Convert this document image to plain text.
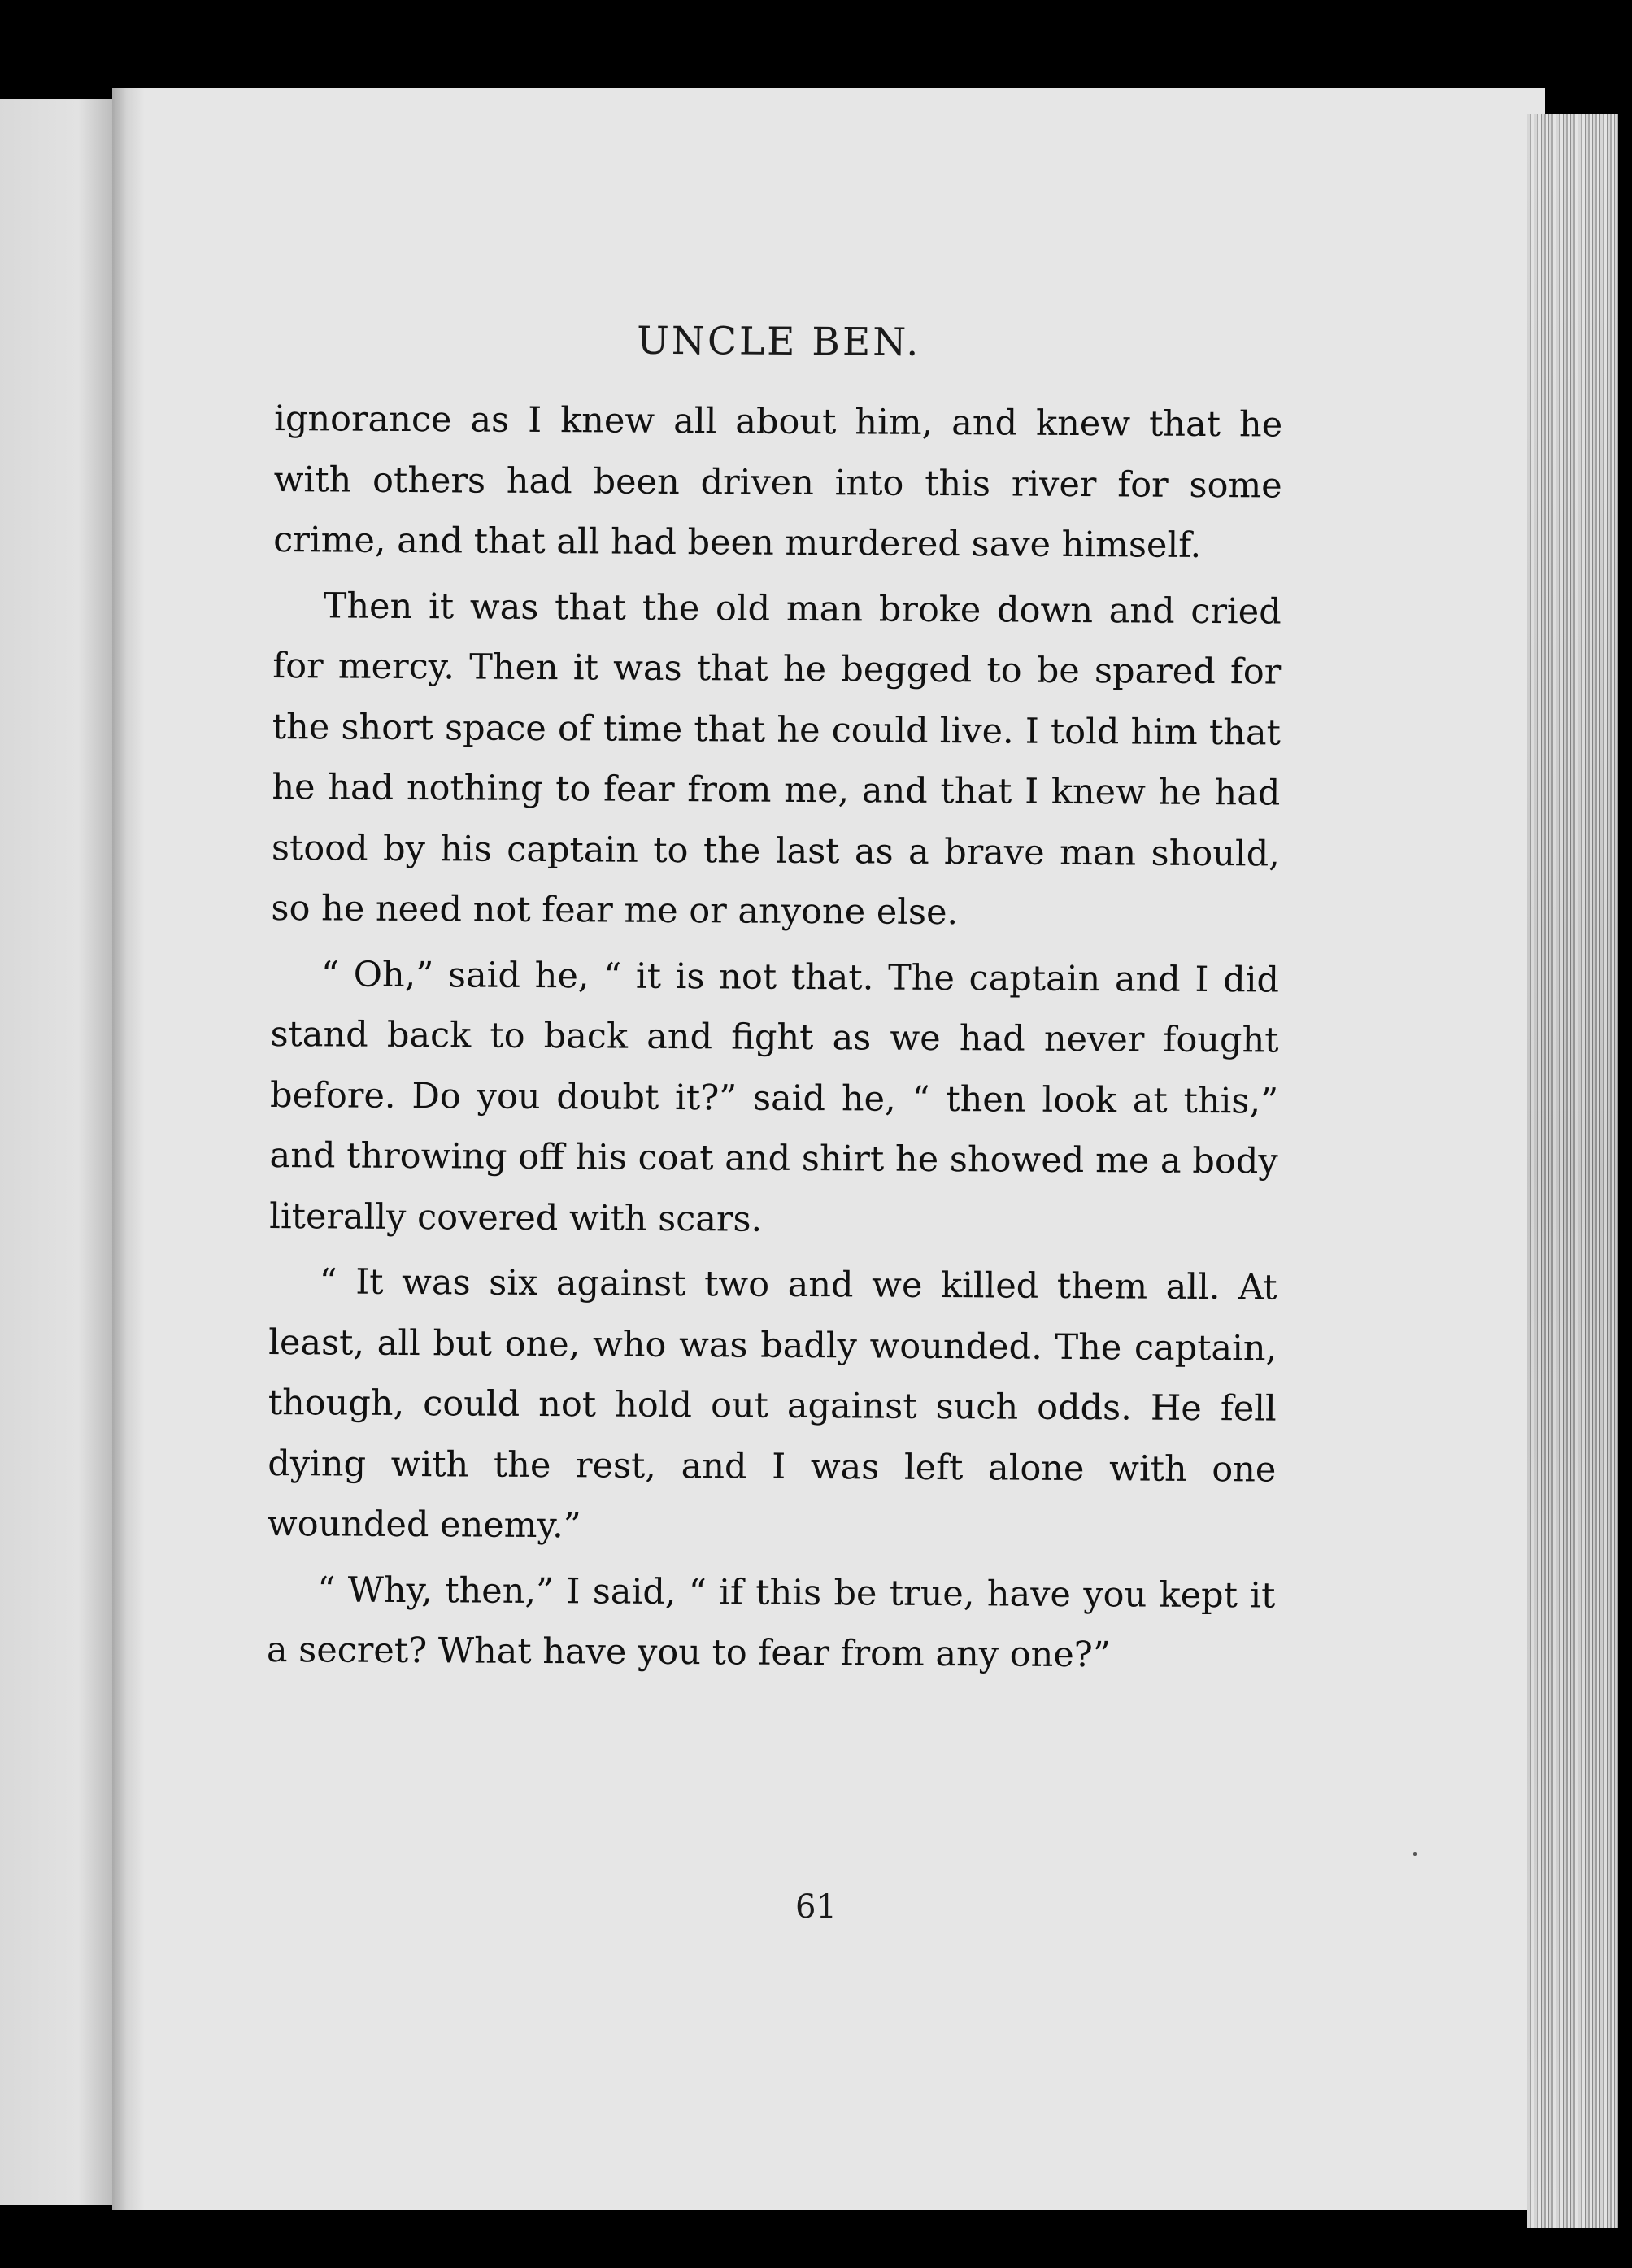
UNCLE BEN.

ignorance as I knew all about him, and knew that he with others had been driven into this river for some crime, and that all had been murdered save himself.

Then it was that the old man broke down and cried for mercy. Then it was that he begged to be spared for the short space of time that he could live. I told him that he had nothing to fear from me, and that I knew he had stood by his captain to the last as a brave man should, so he need not fear me or anyone else.

“ Oh,” said he, “ it is not that. The captain and I did stand back to back and fight as we had never fought before. Do you doubt it?” said he, “ then look at this,” and throwing off his coat and shirt he showed me a body literally covered with scars.

“ It was six against two and we killed them all. At least, all but one, who was badly wounded. The captain, though, could not hold out against such odds. He fell dying with the rest, and I was left alone with one wounded enemy.”

“ Why, then,” I said, “ if this be true, have you kept it a secret? What have you to fear from any one?”

61
